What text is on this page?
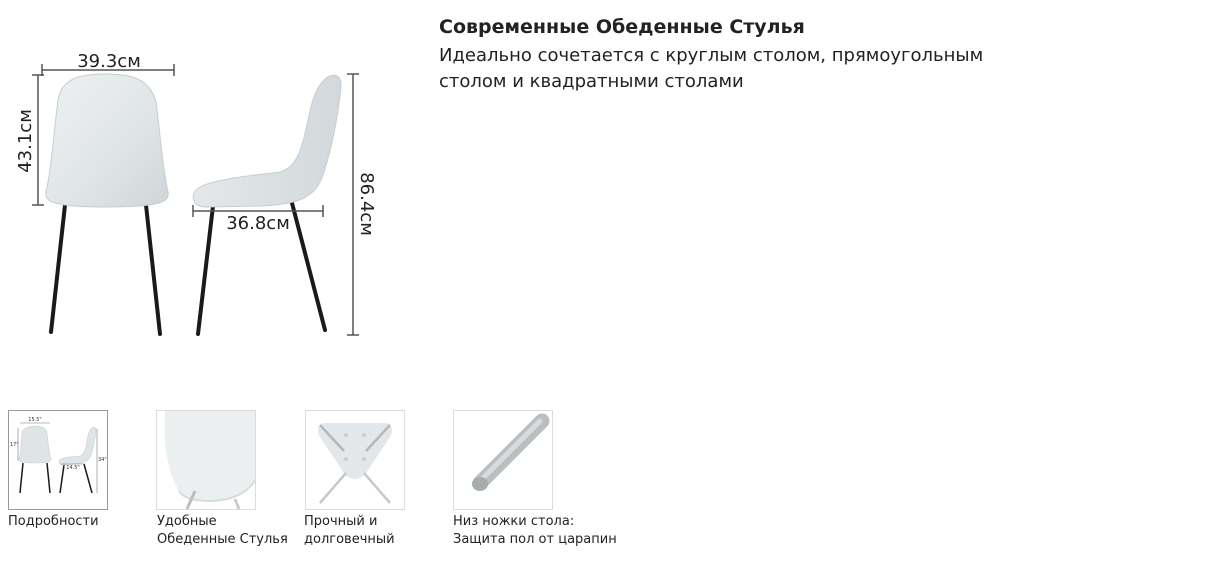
39.3см
43.1см
36.8см	86.4см
Современные Обеденные Стулья
Идеально сочетается с круглым столом, прямоугольным
столом и квадратными столами
15.5"
17"
14.5"
34"
Подробности	Удобные
Обеденные Стулья
Прочный и
долговечный
Низ ножки стола:
Защита пол от царапин
